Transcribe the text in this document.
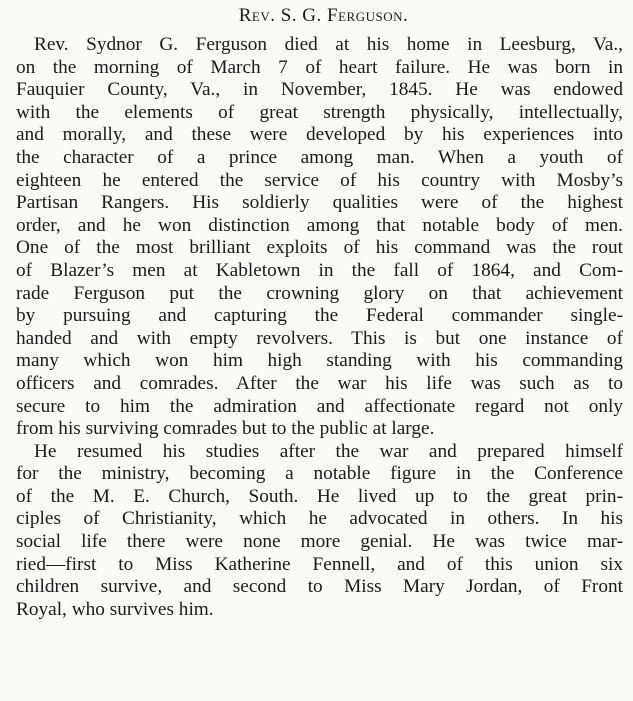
Rev. S. G. Ferguson.

Rev. Sydnor G. Ferguson died at his home in Leesburg, Va.,
on the morning of March 7 of heart failure. He was born in
Fauquier County, Va., in November, 1845. He was endowed
with the elements of great strength physically, intellectually,
and morally, and these were developed by his experiences into
the character of a prince among man. When a youth of
eighteen he entered the service of his country with Mosby’s
Partisan Rangers. His soldierly qualities were of the highest
order, and he won distinction among that notable body of men.
One of the most brilliant exploits of his command was the rout
of Blazer’s men at Kabletown in the fall of 1864, and Com-
rade Ferguson put the crowning glory on that achievement
by pursuing and capturing the Federal commander single-
handed and with empty revolvers. This is but one instance of
many which won him high standing with his commanding
officers and comrades. After the war his life was such as to
secure to him the admiration and affectionate regard not only
from his surviving comrades but to the public at large.

He resumed his studies after the war and prepared himself
for the ministry, becoming a notable figure in the Conference
of the M. E. Church, South. He lived up to the great prin-
ciples of Christianity, which he advocated in others. In his
social life there were none more genial. He was twice mar-
ried—first to Miss Katherine Fennell, and of this union six
children survive, and second to Miss Mary Jordan, of Front
Royal, who survives him.
